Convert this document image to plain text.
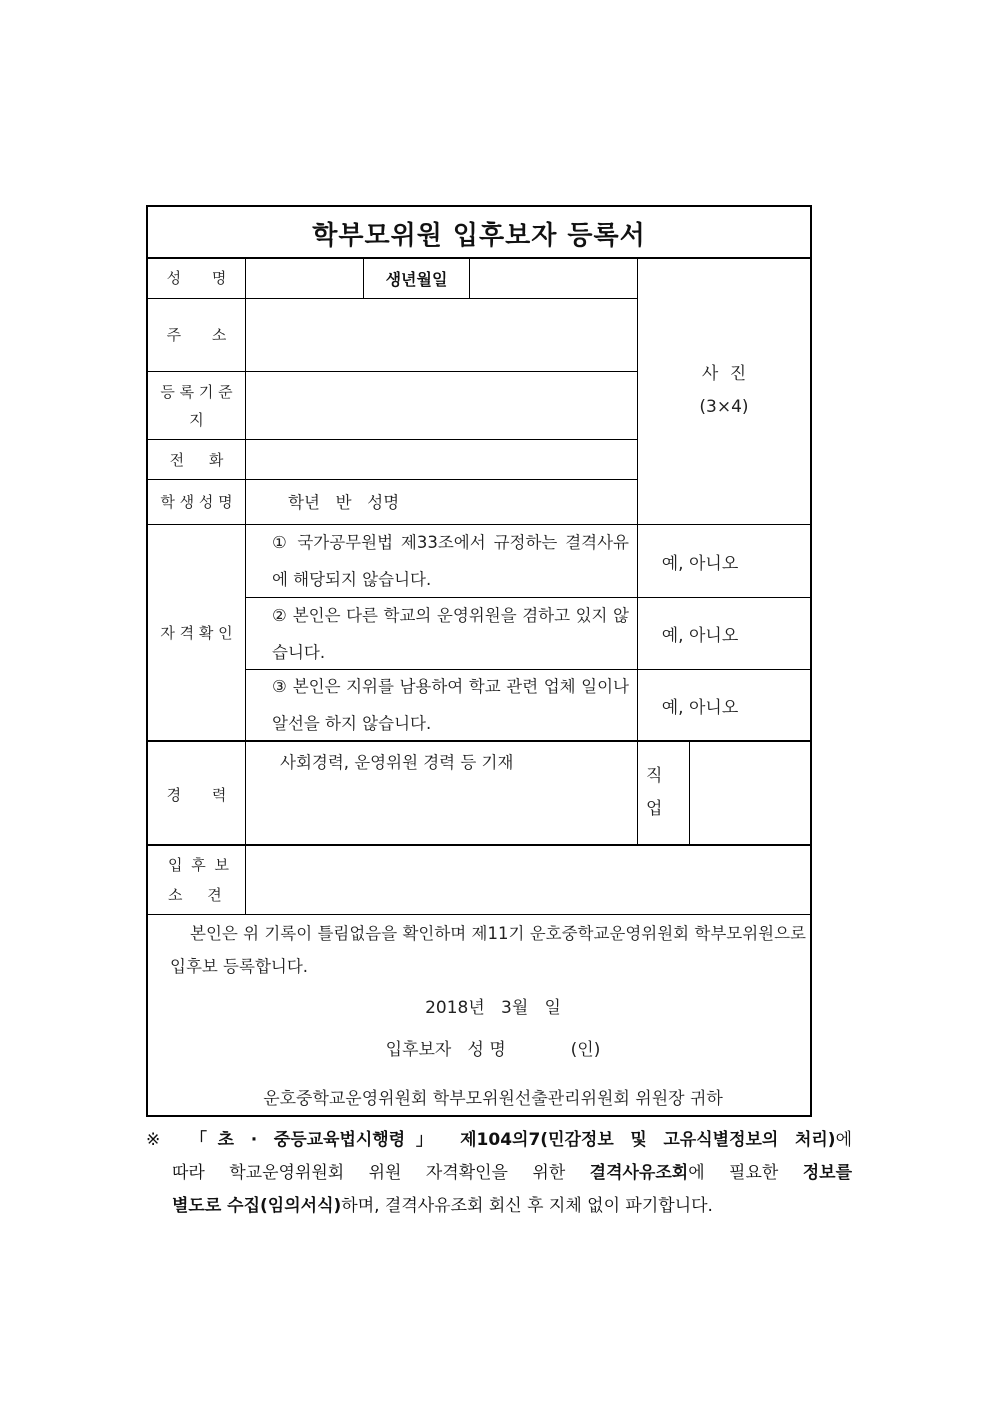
학부모위원 입후보자 등록서
성 명	생년월일
사 진
(3×4)
주 소
등 록 기 준
지
전 화
학 생 성 명	학년   반   성명
자 격 확 인
① 국가공무원법 제33조에서 규정하는 결격사유에 해당되지 않습니다.
예, 아니오
② 본인은 다른 학교의 운영위원을 겸하고 있지 않습니다.
예, 아니오
③ 본인은 지위를 남용하여 학교 관련 업체 일이나 알선을 하지 않습니다.
예, 아니오
경 력
사회경력, 운영위원 경력 등 기재
직
업
입 후 보
소 견
본인은 위 기록이 틀림없음을 확인하며 제11기 운호중학교운영위원회 학부모위원으로 입후보 등록합니다.
2018년   3월   일
입후보자   성 명            (인)
운호중학교운영위원회 학부모위원선출관리위원회 위원장 귀하
※ 「초 · 중등교육법시행령」 제104의7(민감정보 및 고유식별정보의 처리)에
따라 학교운영위원회 위원 자격확인을 위한 결격사유조회에 필요한 정보를
별도로 수집(임의서식)하며, 결격사유조회 회신 후 지체 없이 파기합니다.
